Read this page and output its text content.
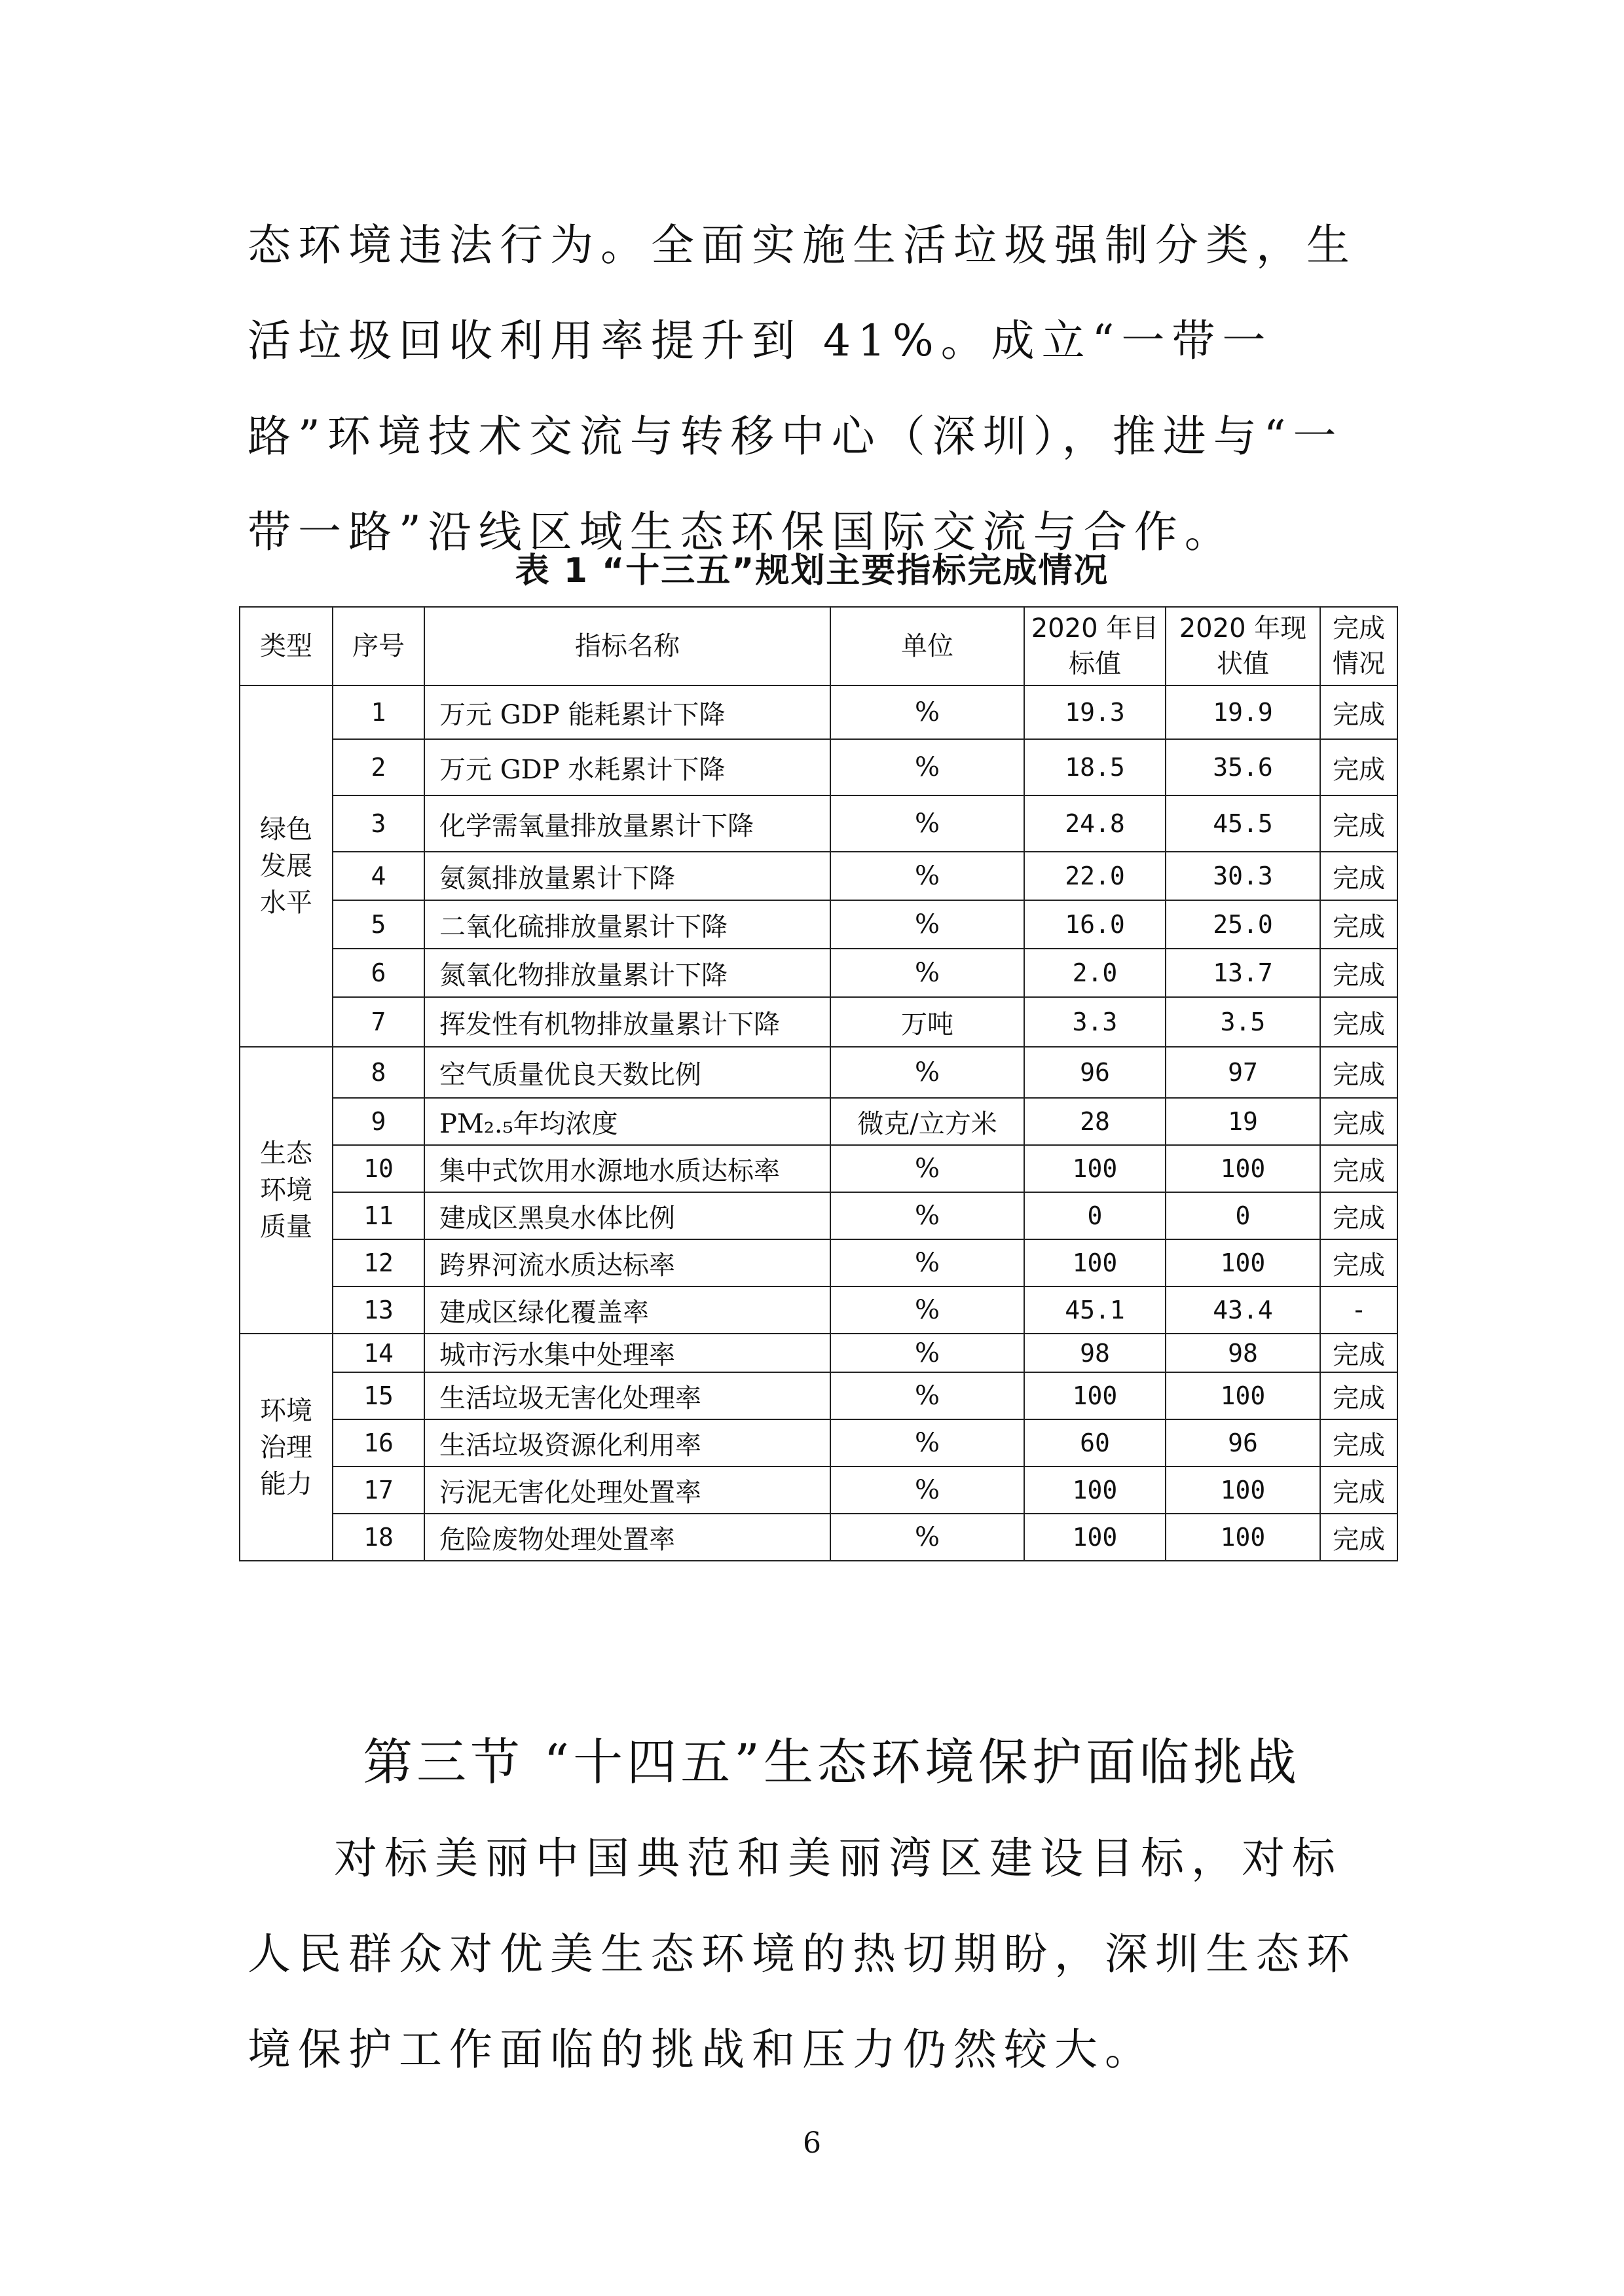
态环境违法行为。全面实施生活垃圾强制分类，生活垃圾回收利用率提升到 41%。成立“一带一路”环境技术交流与转移中心（深圳），推进与“一带一路”沿线区域生态环保国际交流与合作。

表 1 “十三五”规划主要指标完成情况
类型	序号	指标名称	单位	2020 年目标值	2020 年现状值	完成情况

绿色
发展
水平	1	万元 GDP 能耗累计下降	%	19.3	19.9	完成
	2	万元 GDP 水耗累计下降	%	18.5	35.6	完成
	3	化学需氧量排放量累计下降	%	24.8	45.5	完成
	4	氨氮排放量累计下降	%	22.0	30.3	完成
	5	二氧化硫排放量累计下降	%	16.0	25.0	完成
	6	氮氧化物排放量累计下降	%	2.0	13.7	完成
	7	挥发性有机物排放量累计下降	万吨	3.3	3.5	完成

生态
环境
质量	8	空气质量优良天数比例	%	96	97	完成
	9	PM₂.₅年均浓度	微克/立方米	28	19	完成
	10	集中式饮用水源地水质达标率	%	100	100	完成
	11	建成区黑臭水体比例	%	0	0	完成
	12	跨界河流水质达标率	%	100	100	完成
	13	建成区绿化覆盖率	%	45.1	43.4	-

环境
治理
能力	14	城市污水集中处理率	%	98	98	完成
	15	生活垃圾无害化处理率	%	100	100	完成
	16	生活垃圾资源化利用率	%	60	96	完成
	17	污泥无害化处理处置率	%	100	100	完成
	18	危险废物处理处置率	%	100	100	完成
第三节 “十四五”生态环境保护面临挑战

对标美丽中国典范和美丽湾区建设目标，对标人民群众对优美生态环境的热切期盼，深圳生态环境保护工作面临的挑战和压力仍然较大。

6
